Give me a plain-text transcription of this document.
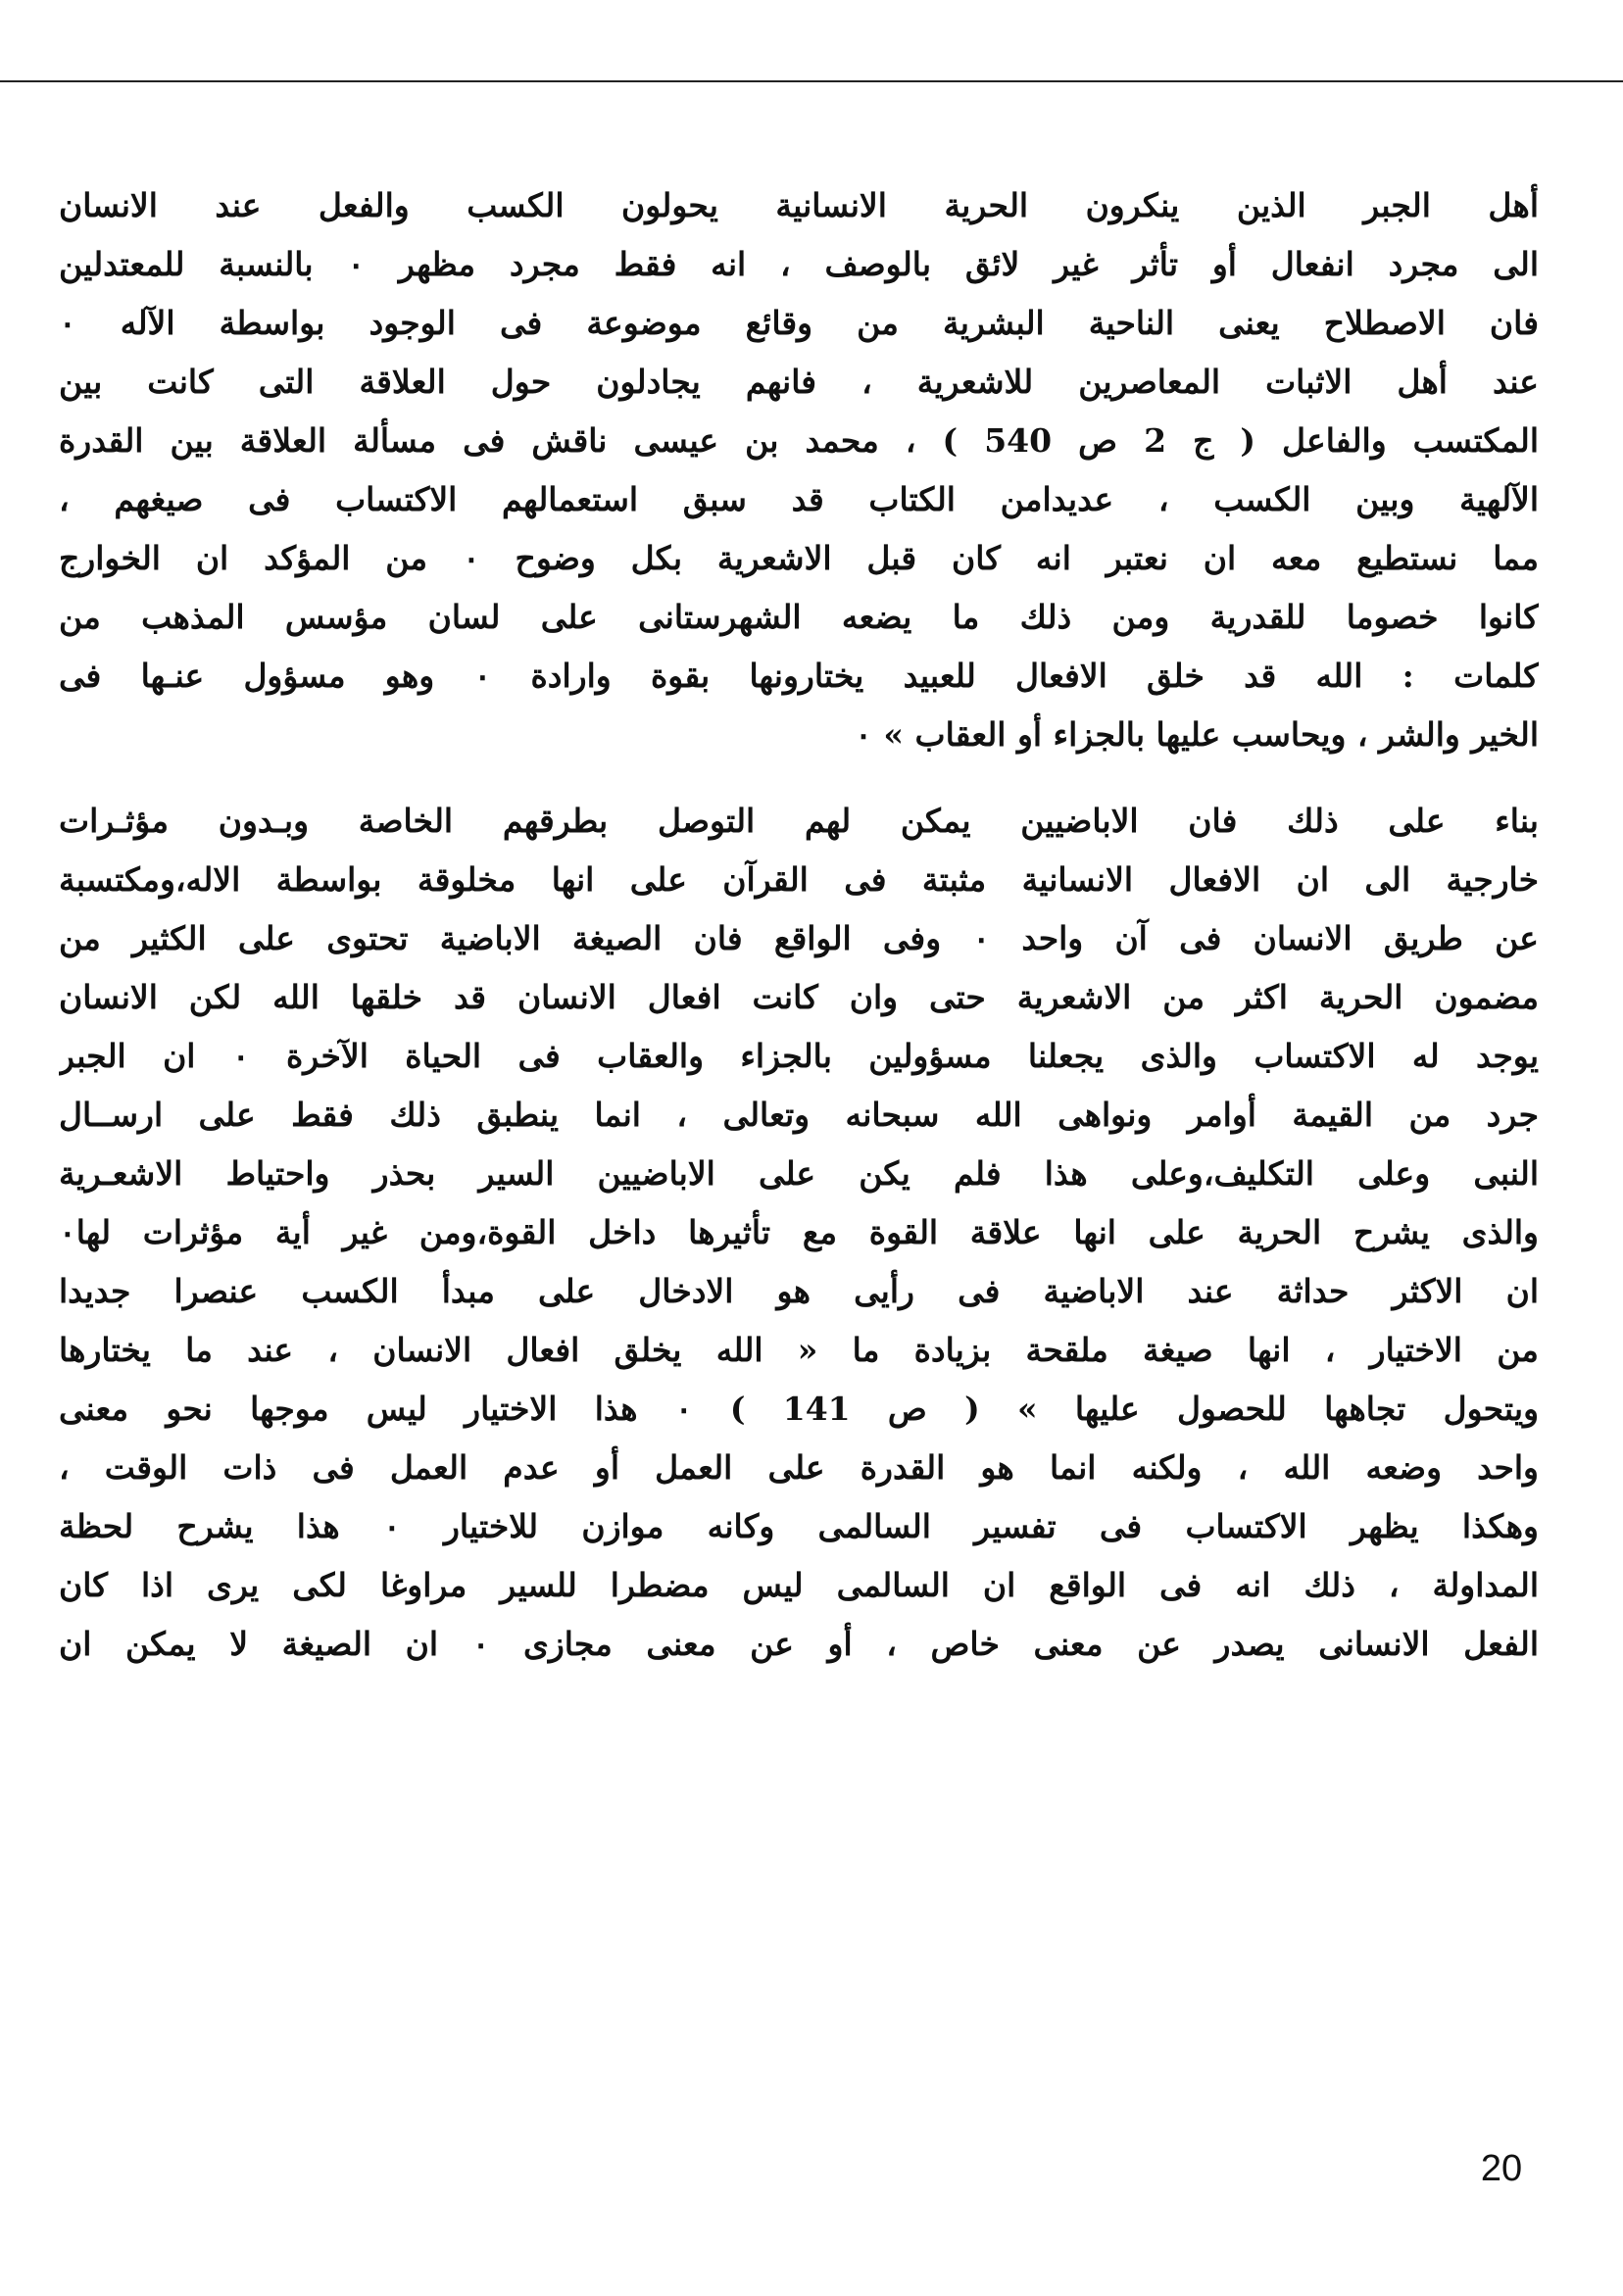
أهل الجبر الذين ينكرون الحرية الانسانية يحولون الكسب والفعل عند الانسان
الى مجرد انفعال أو تأثر غير لائق بالوصف ، انه فقط مجرد مظهر ٠ بالنسبة للمعتدلين
فان الاصطلاح يعنى الناحية البشرية من وقائع موضوعة فى الوجود بواسطة الآله ٠
عند أهل الاثبات المعاصرين للاشعرية ، فانهم يجادلون حول العلاقة التى كانت بين
المكتسب والفاعل ( ج 2 ص 540 ) ، محمد بن عيسى ناقش فى مسألة العلاقة بين القدرة
الآلهية وبين الكسب ، عديدامن الكتاب قد سبق استعمالهم الاكتساب فى صيغهم ،
مما نستطيع معه ان نعتبر انه كان قبل الاشعرية بكل وضوح ٠ من المؤكد ان الخوارج
كانوا خصوما للقدرية ومن ذلك ما يضعه الشهرستانى على لسان مؤسس المذهب من
كلمات : الله قد خلق الافعال للعبيد يختارونها بقوة وارادة ٠ وهو مسؤول عنـها فى
الخير والشر ، ويحاسب عليها بالجزاء أو العقاب » ٠
بناء على ذلك فان الاباضيين يمكن لهم التوصل بطرقهم الخاصة وبـدون مؤثـرات
خارجية الى ان الافعال الانسانية مثبتة فى القرآن على انها مخلوقة بواسطة الاله،ومكتسبة
عن طريق الانسان فى آن واحد ٠ وفى الواقع فان الصيغة الاباضية تحتوى على الكثير من
مضمون الحرية اكثر من الاشعرية حتى وان كانت افعال الانسان قد خلقها الله لكن الانسان
يوجد له الاكتساب والذى يجعلنا مسؤولين بالجزاء والعقاب فى الحياة الآخرة ٠ ان الجبر
جرد من القيمة أوامر ونواهى الله سبحانه وتعالى ، انما ينطبق ذلك فقط على ارســال
النبى وعلى التكليف،وعلى هذا فلم يكن على الاباضيين السير بحذر واحتياط الاشعـرية
والذى يشرح الحرية على انها علاقة القوة مع تأثيرها داخل القوة،ومن غير أية مؤثرات لها٠
ان الاكثر حداثة عند الاباضية فى رأيى هو الادخال على مبدأ الكسب عنصرا جديدا
من الاختيار ، انها صيغة ملقحة بزيادة ما « الله يخلق افعال الانسان ، عند ما يختارها
ويتحول تجاهها للحصول عليها » ( ص 141 ) ٠ هذا الاختيار ليس موجها نحو معنى
واحد وضعه الله ، ولكنه انما هو القدرة على العمل أو عدم العمل فى ذات الوقت ،
وهكذا يظهر الاكتساب فى تفسير السالمى وكانه موازن للاختيار ٠ هذا يشرح لحظة
المداولة ، ذلك انه فى الواقع ان السالمى ليس مضطرا للسير مراوغا لكى يرى اذا كان
الفعل الانسانى يصدر عن معنى خاص ، أو عن معنى مجازى ٠ ان الصيغة لا يمكن ان
20
